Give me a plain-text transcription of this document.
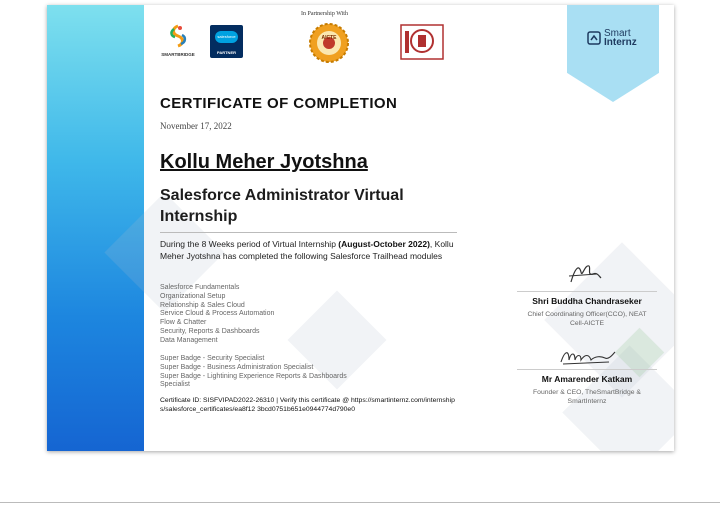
In Partnership With
SMARTBRIDGE
salesforce
PARTNER
AICTE	Smart
Internz
CERTIFICATE OF COMPLETION
November 17, 2022
Kollu Meher Jyotshna
Salesforce Administrator Virtual Internship
During the 8 Weeks period of Virtual Internship (August-October 2022), Kollu Meher Jyotshna has completed the following Salesforce Trailhead modules
Salesforce Fundamentals
Organizational Setup
Relationship & Sales Cloud
Service Cloud & Process Automation
Flow & Chatter
Security, Reports & Dashboards
Data Management
Super Badge - Security Specialist
Super Badge - Business Administration Specialist
Super Badge - Lightining Experience Reports & Dashboards
Specialist
Certificate ID: SISFVIPAD2022-26310 | Verify this certificate @ https://smartinternz.com/internships/salesforce_certificates/ea8f12 3bcd0751b651e0944774d790e0
Shri Buddha Chandraseker
Chief Coordinating Officer(CCO), NEAT Cell-AICTE
Mr Amarender Katkam
Founder & CEO, TheSmartBridge & SmartInternz
